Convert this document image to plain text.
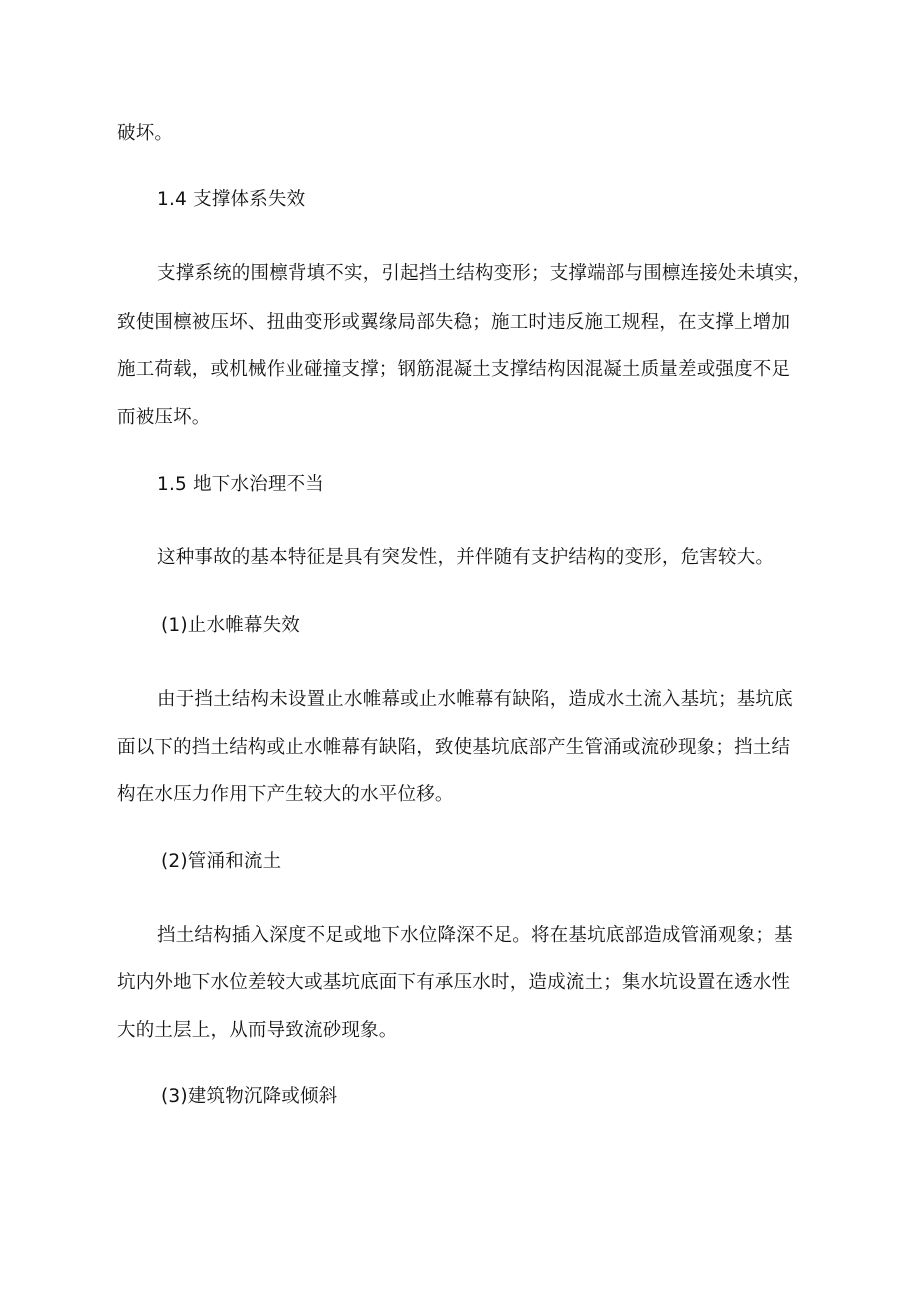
破坏。
1.4 支撑体系失效
支撑系统的围檩背填不实，引起挡土结构变形；支撑端部与围檩连接处未填实，
致使围檩被压坏、扭曲变形或翼缘局部失稳；施工时违反施工规程，在支撑上增加
施工荷载，或机械作业碰撞支撑；钢筋混凝土支撑结构因混凝土质量差或强度不足
而被压坏。
1.5 地下水治理不当
这种事故的基本特征是具有突发性，并伴随有支护结构的变形，危害较大。
(1)止水帷幕失效
由于挡土结构未设置止水帷幕或止水帷幕有缺陷，造成水土流入基坑；基坑底
面以下的挡土结构或止水帷幕有缺陷，致使基坑底部产生管涌或流砂现象；挡土结
构在水压力作用下产生较大的水平位移。
(2)管涌和流土
挡土结构插入深度不足或地下水位降深不足。将在基坑底部造成管涌观象；基
坑内外地下水位差较大或基坑底面下有承压水时，造成流土；集水坑设置在透水性
大的土层上，从而导致流砂现象。
(3)建筑物沉降或倾斜
